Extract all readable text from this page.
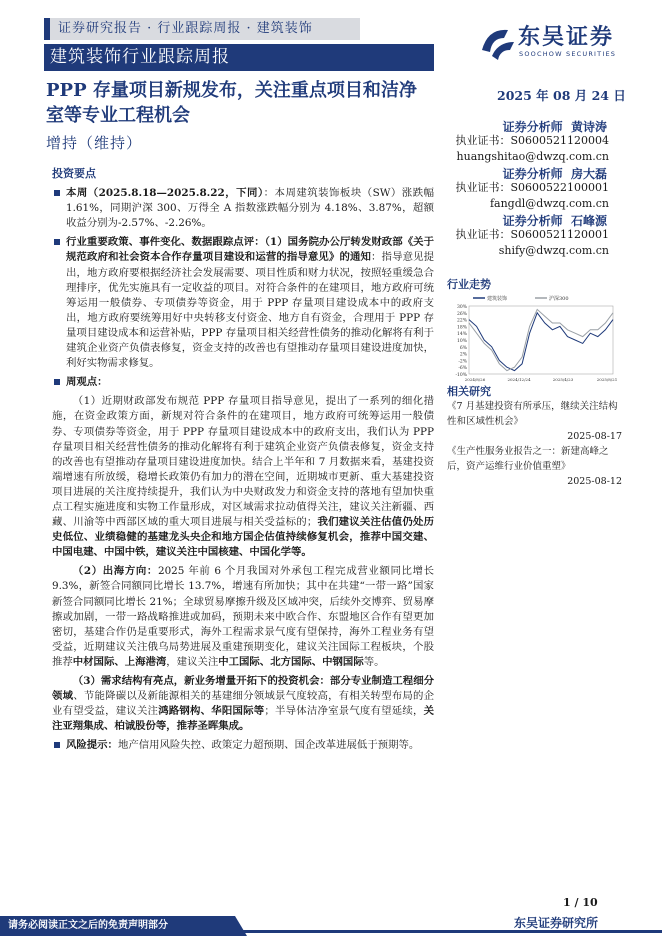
证券研究报告 · 行业跟踪周报 · 建筑装饰
建筑装饰行业跟踪周报
东吴证券
SOOCHOW SECURITIES
PPP 存量项目新规发布，关注重点项目和洁净室等专业工程机会
2025 年 08 月 24 日
增持（维持）
证券分析师 黄诗涛
执业证书：S0600521120004
huangshitao@dwzq.com.cn
证券分析师 房大磊
执业证书：S0600522100001
fangdl@dwzq.com.cn
证券分析师 石峰源
执业证书：S0600521120001
shify@dwzq.com.cn
投资要点
本周（2025.8.18—2025.8.22，下同）：本周建筑装饰板块（SW）涨跌幅 1.61%，同期沪深 300、万得全 A 指数涨跌幅分别为 4.18%、3.87%，超额收益分别为-2.57%、-2.26%。
行业重要政策、事件变化、数据跟踪点评：（1）国务院办公厅转发财政部《关于规范政府和社会资本合作存量项目建设和运营的指导意见》的通知：指导意见提出，地方政府要根据经济社会发展需要、项目性质和财力状况，按照轻重缓急合理排序，优先实施具有一定收益的项目。对符合条件的在建项目，地方政府可统筹运用一般债券、专项债券等资金，用于 PPP 存量项目建设成本中的政府支出，地方政府要统筹用好中央转移支付资金、地方自有资金，合理用于 PPP 存量项目建设成本和运营补贴，PPP 存量项目相关经营性债务的推动化解将有利于建筑企业资产负债表修复，资金支持的改善也有望推动存量项目建设进度加快，利好实物需求修复。
周观点：
（1）近期财政部发布规范 PPP 存量项目指导意见，提出了一系列的细化措施，在资金政策方面，新规对符合条件的在建项目，地方政府可统筹运用一般债券、专项债券等资金，用于 PPP 存量项目建设成本中的政府支出，我们认为 PPP 存量项目相关经营性债务的推动化解将有利于建筑企业资产负债表修复，资金支持的改善也有望推动存量项目建设进度加快。结合上半年和 7 月数据来看，基建投资端增速有所放缓，稳增长政策仍有加力的潜在空间，近期城市更新、重大基建投资项目进展的关注度持续提升，我们认为中央财政发力和资金支持的落地有望加快重点工程实施进度和实物工作量形成，对区域需求拉动值得关注，建议关注新疆、西藏、川渝等中西部区域的重大项目进展与相关受益标的；我们建议关注估值仍处历史低位、业绩稳健的基建龙头央企和地方国企估值持续修复机会，推荐中国交建、中国电建、中国中铁，建议关注中国核建、中国化学等。
（2）出海方向：2025 年前 6 个月我国对外承包工程完成营业额同比增长 9.3%，新签合同额同比增长 13.7%，增速有所加快；其中在共建“一带一路”国家新签合同额同比增长 21%；全球贸易摩擦升级及区域冲突，后续外交博弈、贸易摩擦或加剧，一带一路战略推进或加码，预期未来中欧合作、东盟地区合作有望更加密切，基建合作仍是重要形式，海外工程需求景气度有望保持，海外工程业务有望受益，近期建议关注俄乌局势进展及重建预期变化，建议关注国际工程板块，个股推荐中材国际、上海港湾，建议关注中工国际、北方国际、中钢国际等。
（3）需求结构有亮点，新业务增量开拓下的投资机会：部分专业制造工程细分领域、节能降碳以及新能源相关的基建细分领域景气度较高，有相关转型布局的企业有望受益，建议关注鸿路钢构、华阳国际等；半导体洁净室景气度有望延续，关注亚翔集成、柏诚股份等，推荐圣晖集成。
风险提示：地产信用风险失控、政策定力超预期、国企改革进展低于预期等。
行业走势
30%
26%
22%
18%
14%
10%
6%
2%
-2%
-6%
-10%
2024/8/26	2024/12/24	2025/4/23	2025/8/21
建筑装饰	沪深300
相关研究
《7 月基建投资有所承压，继续关注结构性和区域性机会》
2025-08-17
《生产性服务业报告之一：新建高峰之后，资产运维行业价值重塑》
2025-08-12
1 / 10
请务必阅读正文之后的免责声明部分	东吴证券研究所
